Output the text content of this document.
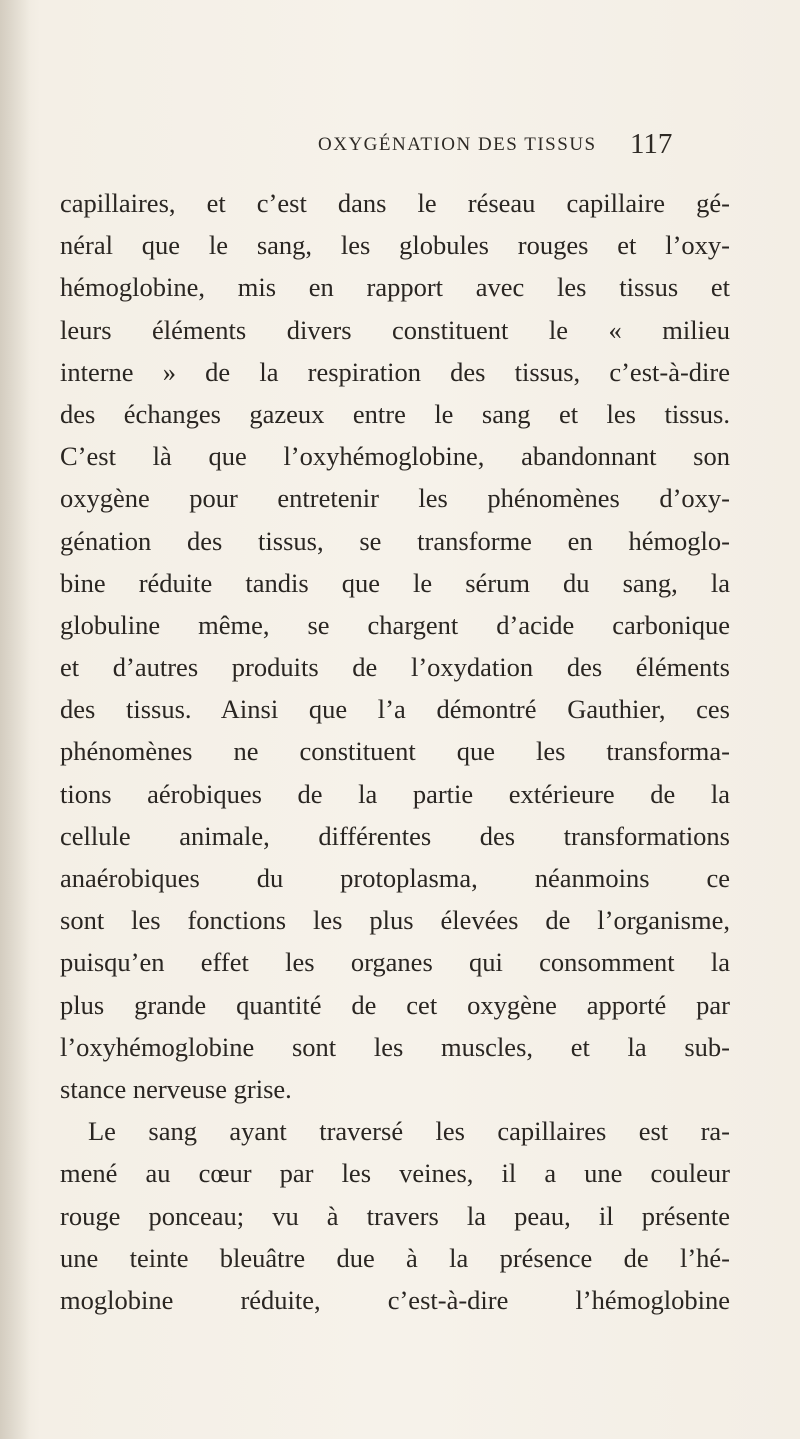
OXYGÉNATION DES TISSUS 117
capillaires, et c’est dans le réseau capillaire gé-
néral que le sang, les globules rouges et l’oxy-
hémoglobine, mis en rapport avec les tissus et
leurs éléments divers constituent le « milieu
interne » de la respiration des tissus, c’est-à-dire
des échanges gazeux entre le sang et les tissus.
C’est là que l’oxyhémoglobine, abandonnant son
oxygène pour entretenir les phénomènes d’oxy-
génation des tissus, se transforme en hémoglo-
bine réduite tandis que le sérum du sang, la
globuline même, se chargent d’acide carbonique
et d’autres produits de l’oxydation des éléments
des tissus. Ainsi que l’a démontré Gauthier, ces
phénomènes ne constituent que les transforma-
tions aérobiques de la partie extérieure de la
cellule animale, différentes des transformations
anaérobiques du protoplasma, néanmoins ce
sont les fonctions les plus élevées de l’organisme,
puisqu’en effet les organes qui consomment la
plus grande quantité de cet oxygène apporté par
l’oxyhémoglobine sont les muscles, et la sub-
stance nerveuse grise.
Le sang ayant traversé les capillaires est ra-
mené au cœur par les veines, il a une couleur
rouge ponceau; vu à travers la peau, il présente
une teinte bleuâtre due à la présence de l’hé-
moglobine réduite, c’est-à-dire l’hémoglobine
